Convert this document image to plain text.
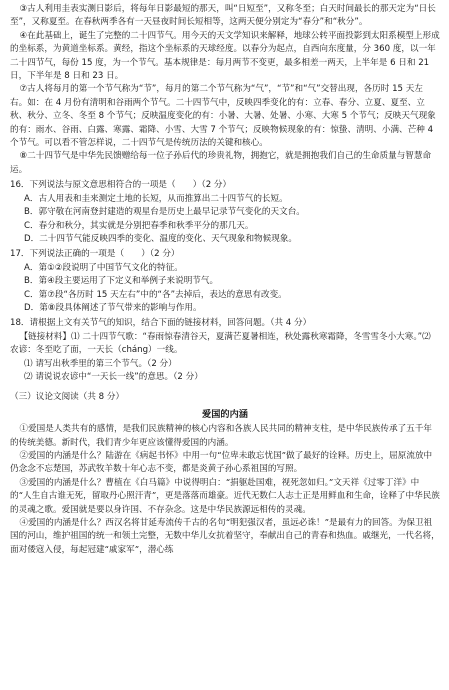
③古人利用圭表实测日影后，将每年日影最短的那天，叫“日短至”，又称冬至；白天时间最长的那天定为“日长至”，又称夏至。在春秋两季各有一天昼夜时间长短相等，这两天便分别定为“春分”和“秋分”。

④在此基础上，诞生了完整的二十四节气。用今天的天文学知识来解释，地球公转平面投影到太阳系模型上形成的坐标系，为黄道坐标系。黄经，指这个坐标系的天球经度。以春分为起点，自西向东度量，分 360 度，以一年二十四节气，每份 15 度，为一个节气。基本规律是：每月两节不变更，最多相差一两天，上半年是 6 日和 21 日，下半年是 8 日和 23 日。

⑦古人将每月的第一个节气称为“节”，每月的第二个节气称为“气”，“节”和“气”交替出现，各历时 15 天左右。如：在 4 月份有清明和谷雨两个节气。二十四节气中，反映四季变化的有：立春、春分、立夏、夏至、立秋、秋分、立冬、冬至 8 个节气；反映温度变化的有：小暑、大暑、处暑、小寒、大寒 5 个节气；反映天气现象的有：雨水、谷雨、白露、寒露、霜降、小雪、大雪 7 个节气；反映物候现象的有：惊蛰、清明、小满、芒种 4 个节气。可以看不管怎样说，二十四节气是传统历法的关键和核心。

⑧二十四节气是中华先民馈赠给每一位子孙后代的珍贵礼物，拥抱它，就是拥抱我们自己的生命质量与智慧命运。

16．下列说法与原文意思相符合的一项是（　　）（2 分）

A．古人用表和圭来测定土地的长短，从而推算出二十四节气的长短。

B．郭守敬在河南登封建造的观星台是历史上最早记录节气变化的天文台。

C．春分和秋分，其实就是分别把春季和秋季平分的那几天。

D．二十四节气能反映四季的变化、温度的变化、天气现象和物候现象。

17．下列说法正确的一项是（　　）（2 分）

A．第①②段说明了中国节气文化的特征。

B．第④段主要运用了下定义和举例子来说明节气。

C．第⑦段“各历时 15 天左右”中的“各”去掉后，表达的意思有改变。

D．第⑧段具体阐述了节气带来的影响与作用。

18．请根据上文有关节气的知识，结合下面的链接材料，回答问题。（共 4 分）

【链接材料】⑴ 二十四节气歌：“春雨惊春清谷天，夏满芒夏暑相连，秋处露秋寒霜降，冬雪雪冬小大寒。”⑵ 农谚：冬至吃了面，一天长（cháng）一线。

⑴ 请写出秋季里的第三个节气。（2 分）

⑵ 请说说农谚中“一天长一线”的意思。（2 分）

（三）议论文阅读（共 8 分）

爱国的内涵

①爱国是人类共有的感情，是我们民族精神的核心内容和各族人民共同的精神支柱，是中华民族传承了五千年的传统美德。新时代，我们青少年更应该懂得爱国的内涵。

②爱国的内涵是什么？陆游在《病起书怀》中用一句“位卑未敢忘忧国”做了最好的诠释。历史上，屈原流放中仍念念不忘楚国，苏武牧羊数十年心志不变，都是炎黄子孙心系祖国的写照。

③爱国的内涵是什么？曹植在《白马篇》中说得明白：“捐躯赴国难，视死忽如归。”文天祥《过零丁洋》中的“人生自古谁无死，留取丹心照汗青”，更是落落而雄豪。近代无数仁人志士正是用鲜血和生命，诠释了中华民族的灵魂之歌。爱国就是要以身许国、不存杂念。这是中华民族源远相传的灵魂。

④爱国的内涵是什么？西汉名将甘延寿流传千古的名句“明犯强汉者，虽远必诛！”是最有力的回答。为保卫祖国的河山，维护祖国的统一和领土完整，无数中华儿女抗着坚守，奉献出自己的青春和热血。戚继光，一代名将，面对倭寇入侵，每起冠建“戚家军”，潜心练
